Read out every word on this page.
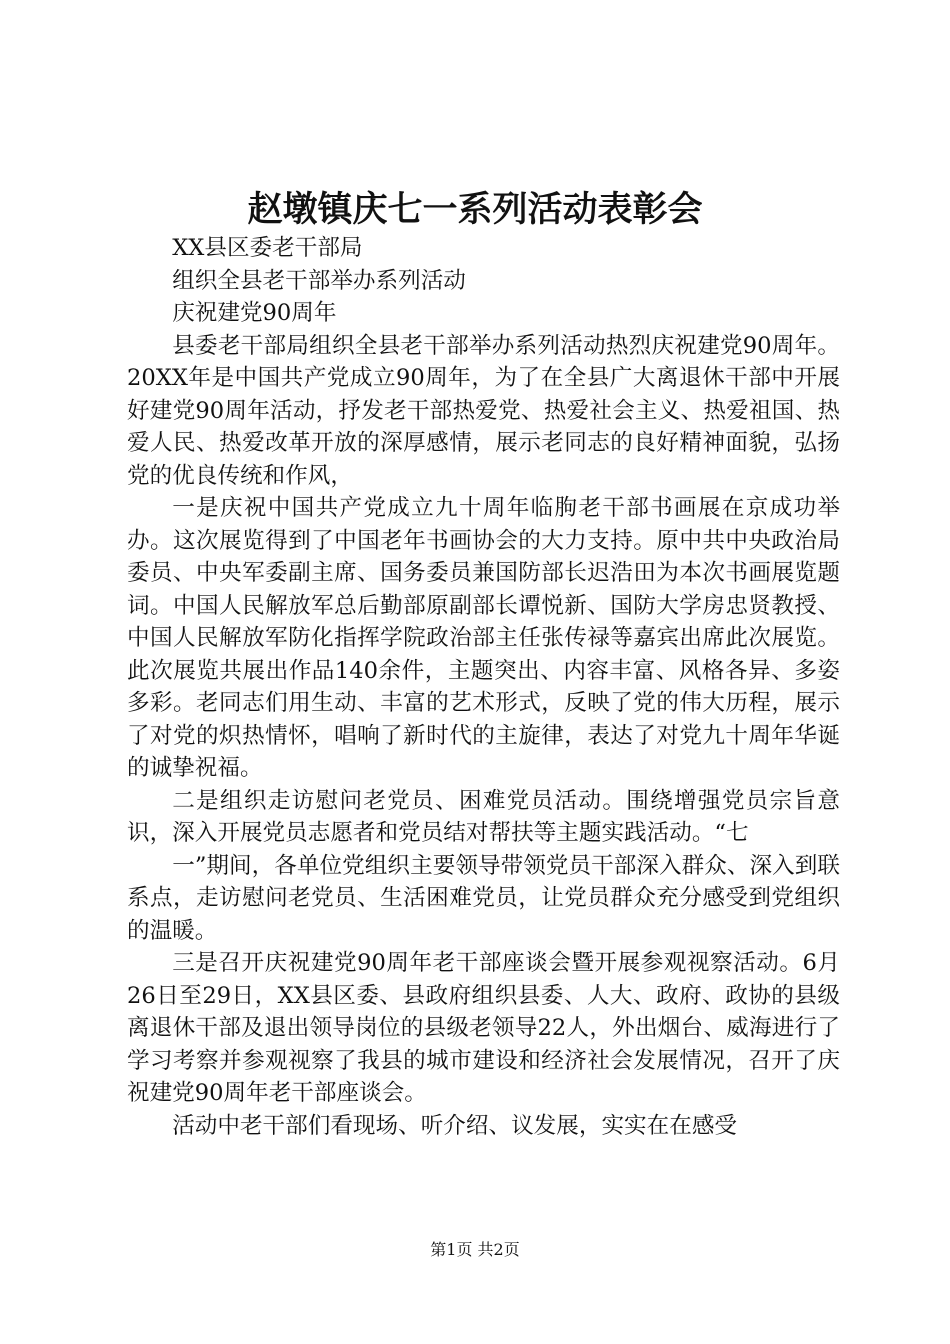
赵墩镇庆七一系列活动表彰会

XX县区委老干部局

组织全县老干部举办系列活动

庆祝建党90周年

县委老干部局组织全县老干部举办系列活动热烈庆祝建党90周年。20XX年是中国共产党成立90周年，为了在全县广大离退休干部中开展好建党90周年活动，抒发老干部热爱党、热爱社会主义、热爱祖国、热爱人民、热爱改革开放的深厚感情，展示老同志的良好精神面貌，弘扬党的优良传统和作风，

一是庆祝中国共产党成立九十周年临朐老干部书画展在京成功举办。这次展览得到了中国老年书画协会的大力支持。原中共中央政治局委员、中央军委副主席、国务委员兼国防部长迟浩田为本次书画展览题词。中国人民解放军总后勤部原副部长谭悦新、国防大学房忠贤教授、中国人民解放军防化指挥学院政治部主任张传禄等嘉宾出席此次展览。此次展览共展出作品140余件，主题突出、内容丰富、风格各异、多姿多彩。老同志们用生动、丰富的艺术形式，反映了党的伟大历程，展示了对党的炽热情怀，唱响了新时代的主旋律，表达了对党九十周年华诞的诚挚祝福。

二是组织走访慰问老党员、困难党员活动。围绕增强党员宗旨意识，深入开展党员志愿者和党员结对帮扶等主题实践活动。“七

一”期间，各单位党组织主要领导带领党员干部深入群众、深入到联系点，走访慰问老党员、生活困难党员，让党员群众充分感受到党组织的温暖。

三是召开庆祝建党90周年老干部座谈会暨开展参观视察活动。6月26日至29日，XX县区委、县政府组织县委、人大、政府、政协的县级离退休干部及退出领导岗位的县级老领导22人，外出烟台、威海进行了学习考察并参观视察了我县的城市建设和经济社会发展情况，召开了庆祝建党90周年老干部座谈会。

活动中老干部们看现场、听介绍、议发展，实实在在感受

第1页 共2页
